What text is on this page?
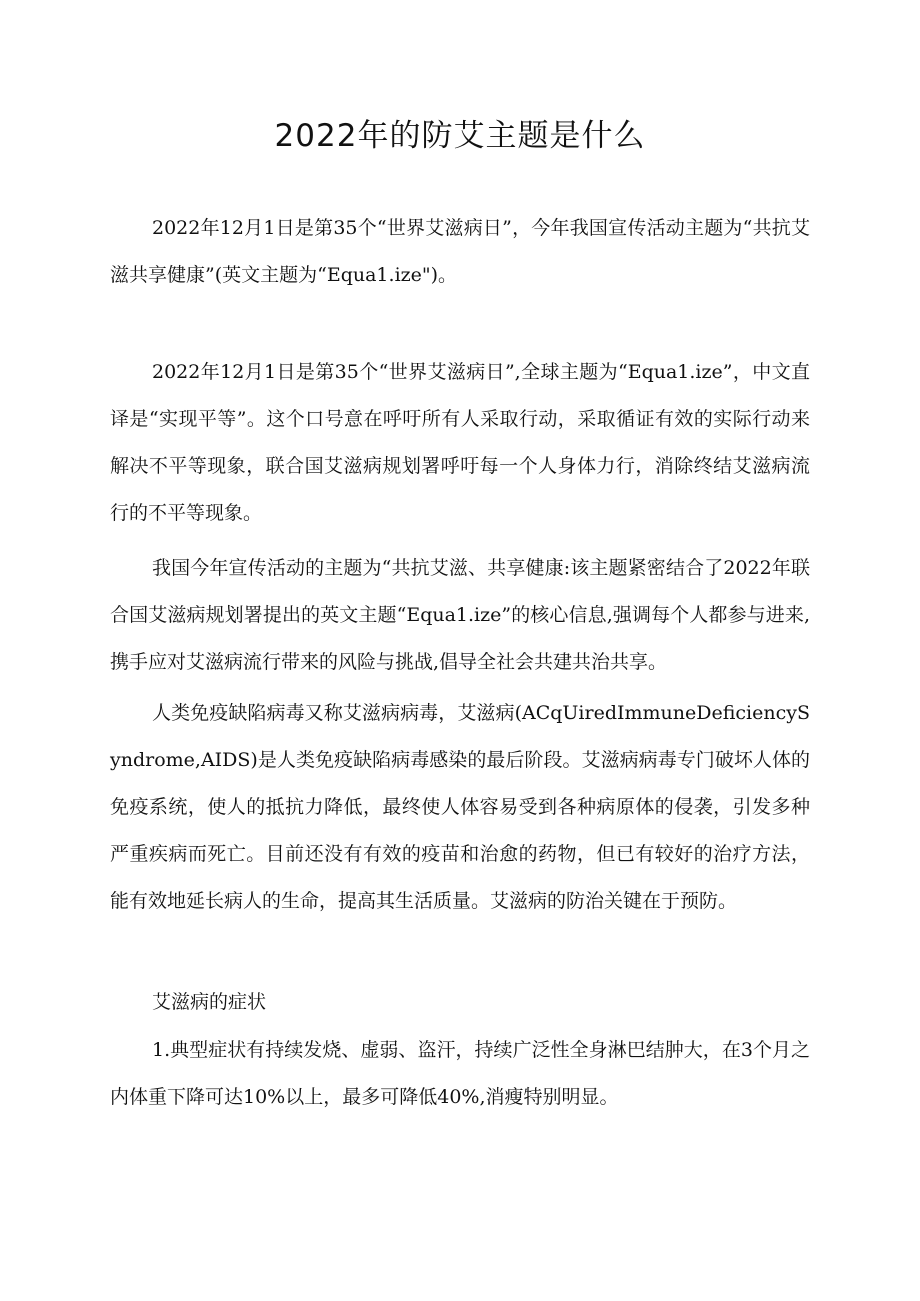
2022年的防艾主题是什么

2022年12月1日是第35个“世界艾滋病日”，今年我国宣传活动主题为“共抗艾滋共享健康”(英文主题为“Equa1.ize")。

2022年12月1日是第35个“世界艾滋病日”,全球主题为“Equa1.ize”，中文直译是“实现平等”。这个口号意在呼吁所有人采取行动，采取循证有效的实际行动来解决不平等现象，联合国艾滋病规划署呼吁每一个人身体力行，消除终结艾滋病流行的不平等现象。

我国今年宣传活动的主题为“共抗艾滋、共享健康:该主题紧密结合了2022年联合国艾滋病规划署提出的英文主题“Equa1.ize”的核心信息,强调每个人都参与进来,携手应对艾滋病流行带来的风险与挑战,倡导全社会共建共治共享。

人类免疫缺陷病毒又称艾滋病病毒，艾滋病(ACqUiredImmuneDeficiencySyndrome,AIDS)是人类免疫缺陷病毒感染的最后阶段。艾滋病病毒专门破坏人体的免疫系统，使人的抵抗力降低，最终使人体容易受到各种病原体的侵袭，引发多种严重疾病而死亡。目前还没有有效的疫苗和治愈的药物，但已有较好的治疗方法，能有效地延长病人的生命，提高其生活质量。艾滋病的防治关键在于预防。

艾滋病的症状

1.典型症状有持续发烧、虚弱、盗汗，持续广泛性全身淋巴结肿大，在3个月之内体重下降可达10%以上，最多可降低40%,消瘦特别明显。
